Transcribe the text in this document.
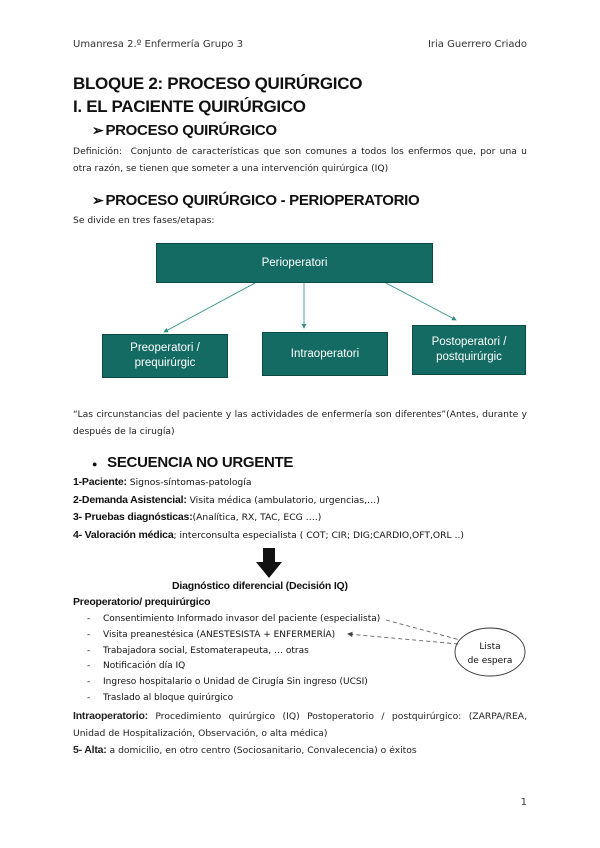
Umanresa 2.º Enfermería Grupo 3	Iria Guerrero Criado
BLOQUE 2: PROCESO QUIRÚRGICO
I. EL PACIENTE QUIRÚRGICO
➢ PROCESO QUIRÚRGICO
Definición: Conjunto de características que son comunes a todos los enfermos que, por una u otra razón, se tienen que someter a una intervención quirúrgica (IQ)
➢ PROCESO QUIRÚRGICO - PERIOPERATORIO
Se divide en tres fases/etapas:
Perioperatori
Preoperatori / prequirúrgic
Intraoperatori
Postoperatori / postquirúrgic
“Las circunstancias del paciente y las actividades de enfermería son diferentes”(Antes, durante y después de la cirugía)
● SECUENCIA NO URGENTE
1-Paciente: Signos-síntomas-patología
2-Demanda Asistencial: Visita médica (ambulatorio, urgencias,…)
3- Pruebas diagnósticas:(Analítica, RX, TAC, ECG ….)
4- Valoración médica; interconsulta especialista ( COT; CIR; DIG;CARDIO,OFT,ORL ..)
Diagnóstico diferencial (Decisión IQ)
Preoperatorio/ prequirúrgico
- Consentimiento Informado invasor del paciente (especialista)
- Visita preanestésica (ANESTESISTA + ENFERMERÍA)
- Trabajadora social, Estomaterapeuta, … otras
- Notificación día IQ
- Ingreso hospitalario o Unidad de Cirugía Sin ingreso (UCSI)
- Traslado al bloque quirúrgico
Lista
de espera
Intraoperatorio: Procedimiento quirúrgico (IQ) Postoperatorio / postquirúrgico: (ZARPA/REA, Unidad de Hospitalización, Observación, o alta médica)
5- Alta: a domicilio, en otro centro (Sociosanitario, Convalecencia) o éxitos
1
